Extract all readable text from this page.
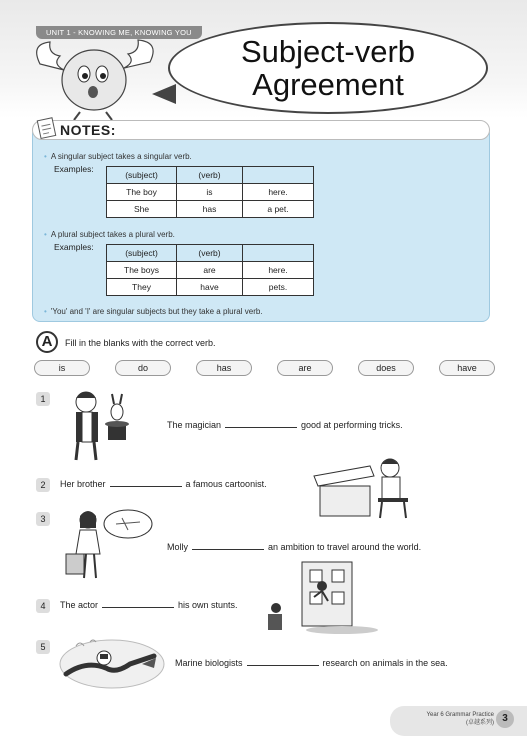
UNIT 1 - KNOWING ME, KNOWING YOU
Subject-verb
Agreement
NOTES:
• A singular subject takes a singular verb.
Examples:
(subject)	(verb)	
The boy	is	here.
She	has	a pet.
• A plural subject takes a plural verb.
Examples:
(subject)	(verb)	
The boys	are	here.
They	have	pets.
• 'You' and 'I' are singular subjects but they take a plural verb.
A	Fill in the blanks with the correct verb.
is	do	has	are	does	have
1
The magician	good at performing tricks.
2	Her brother	a famous cartoonist.
3
Molly	an ambition to travel around the world.
4	The actor	his own stunts.
5
Marine biologists	research on animals in the sea.
Year 6 Grammar Practice
(卓越系列) 3
